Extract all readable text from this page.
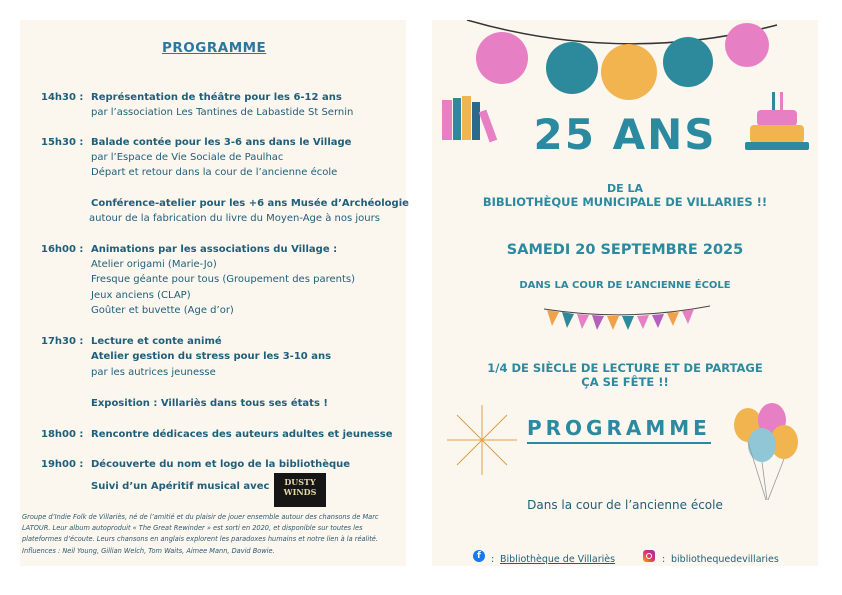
PROGRAMME
14h30 : Représentation de théâtre pour les 6-12 ans
par l’association Les Tantines de Labastide St Sernin
15h30 : Balade contée pour les 3-6 ans dans le Village
par l’Espace de Vie Sociale de Paulhac
Départ et retour dans la cour de l’ancienne école
Conférence-atelier pour les +6 ans Musée d’Archéologie
autour de la fabrication du livre du Moyen-Age à nos jours
16h00 : Animations par les associations du Village :
Atelier origami (Marie-Jo)
Fresque géante pour tous (Groupement des parents)
Jeux anciens (CLAP)
Goûter et buvette (Age d’or)
17h30 : Lecture et conte animé
Atelier gestion du stress pour les 3-10 ans
par les autrices jeunesse
Exposition : Villariès dans tous ses états !
18h00 : Rencontre dédicaces des auteurs adultes et jeunesse
19h00 : Découverte du nom et logo de la bibliothèque
Suivi d’un Apéritif musical avec	DUSTY WINDS
Groupe d’Indie Folk de Villariès, né de l’amitié et du plaisir de jouer ensemble autour des chansons de Marc LATOUR. Leur album autoproduit « The Great Rewinder » est sorti en 2020, et disponible sur toutes les plateformes d’écoute. Leurs chansons en anglais explorent les paradoxes humains et notre lien à la réalité. Influences : Neil Young, Gillian Welch, Tom Waits, Aimee Mann, David Bowie.
25 ANS
DE LA
BIBLIOTHÈQUE MUNICIPALE DE VILLARIES !!
SAMEDI 20 SEPTEMBRE 2025
DANS LA COUR DE L’ANCIENNE ÉCOLE
1/4 DE SIÈCLE DE LECTURE ET DE PARTAGE
ÇA SE FÊTE !!
PROGRAMME
Dans la cour de l’ancienne école
f	: Bibliothèque de Villariès	: bibliothequedevillaries
